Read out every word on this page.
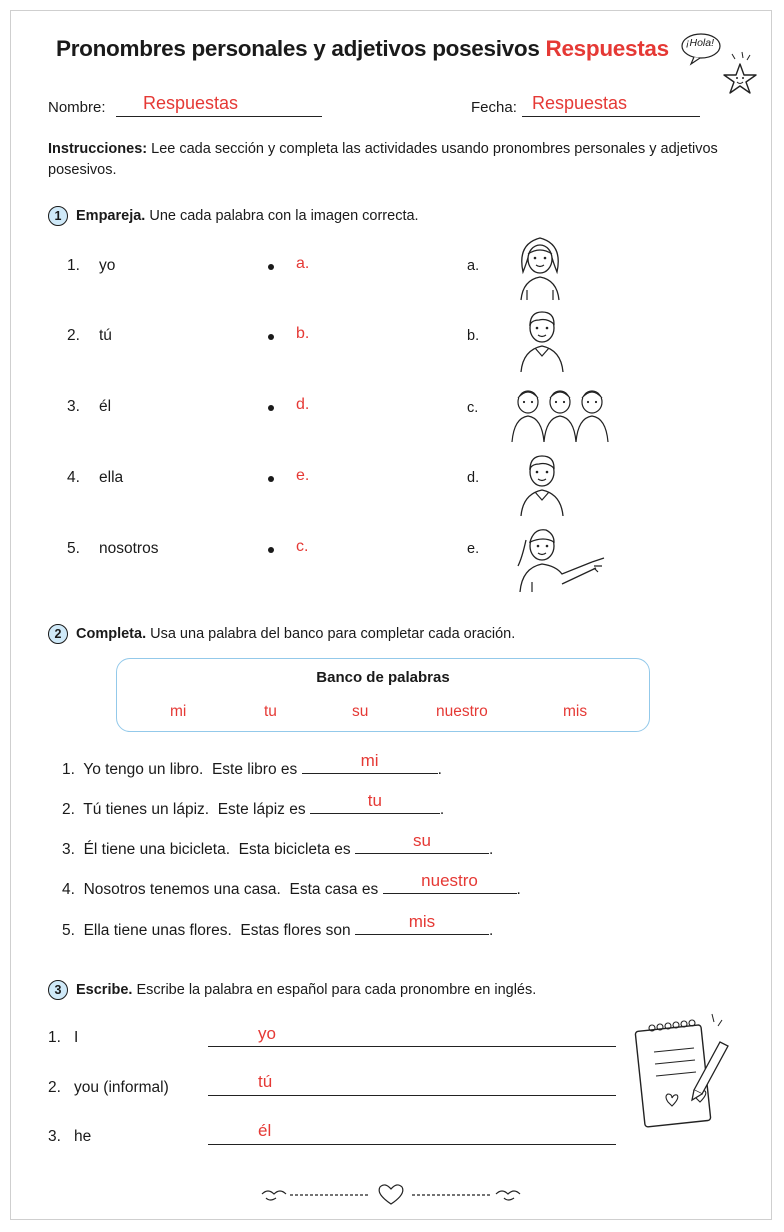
Pronombres personales y adjetivos posesivos Respuestas ¡Hola!
Nombre: Respuestas	Fecha: Respuestas
Instrucciones: Lee cada sección y completa las actividades usando pronombres personales y adjetivos posesivos.
1	Empareja. Une cada palabra con la imagen correcta.
1. yo	a.	a.
2. tú	b.	b.
3. él	d.	c.
4. ella	e.	d.
5. nosotros	c.	e.
2	Completa. Usa una palabra del banco para completar cada oración.
Banco de palabras
mi	tu	su	nuestro	mis
1. Yo tengo un libro.  Este libro es	mi	.
2. Tú tienes un lápiz.  Este lápiz es	tu	.
3. Él tiene una bicicleta.  Esta bicicleta es	su	.
4. Nosotros tenemos una casa.  Esta casa es	nuestro	.
5. Ella tiene unas flores.  Estas flores son	mis	.
3	Escribe. Escribe la palabra en español para cada pronombre en inglés.
1. I	yo
2. you (informal)	tú
3. he	él
